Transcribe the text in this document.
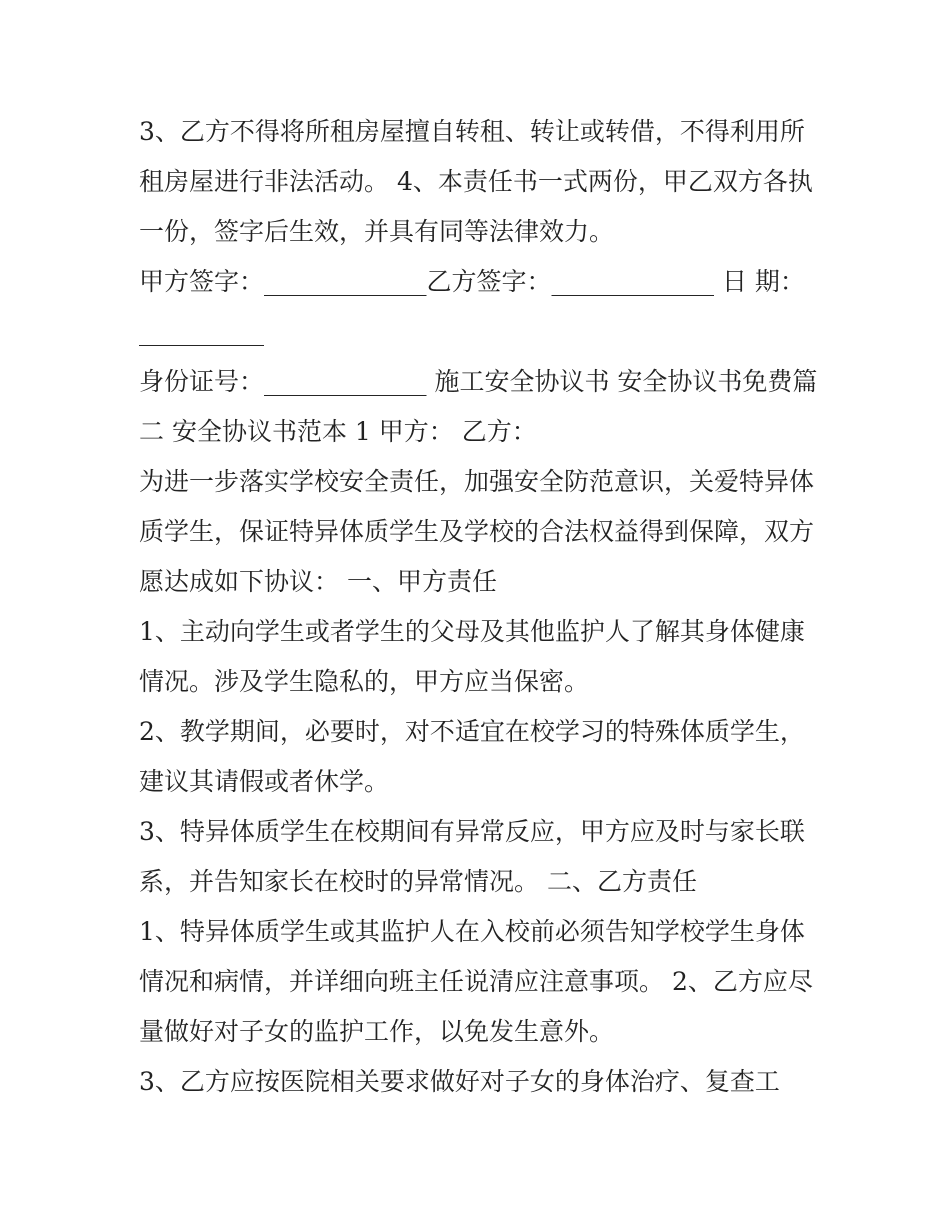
3、乙方不得将所租房屋擅自转租、转让或转借，不得利用所
租房屋进行非法活动。 4、本责任书一式两份，甲乙双方各执
一份，签字后生效，并具有同等法律效力。
甲方签字：_____________乙方签字：_____________ 日 期：
__________
身份证号：_____________ 施工安全协议书 安全协议书免费篇
二 安全协议书范本 1 甲方： 乙方：
为进一步落实学校安全责任，加强安全防范意识，关爱特异体
质学生，保证特异体质学生及学校的合法权益得到保障，双方
愿达成如下协议： 一、甲方责任
1、主动向学生或者学生的父母及其他监护人了解其身体健康
情况。涉及学生隐私的，甲方应当保密。
2、教学期间，必要时，对不适宜在校学习的特殊体质学生，
建议其请假或者休学。
3、特异体质学生在校期间有异常反应，甲方应及时与家长联
系，并告知家长在校时的异常情况。 二、乙方责任
1、特异体质学生或其监护人在入校前必须告知学校学生身体
情况和病情，并详细向班主任说清应注意事项。 2、乙方应尽
量做好对子女的监护工作，以免发生意外。
3、乙方应按医院相关要求做好对子女的身体治疗、复查工
